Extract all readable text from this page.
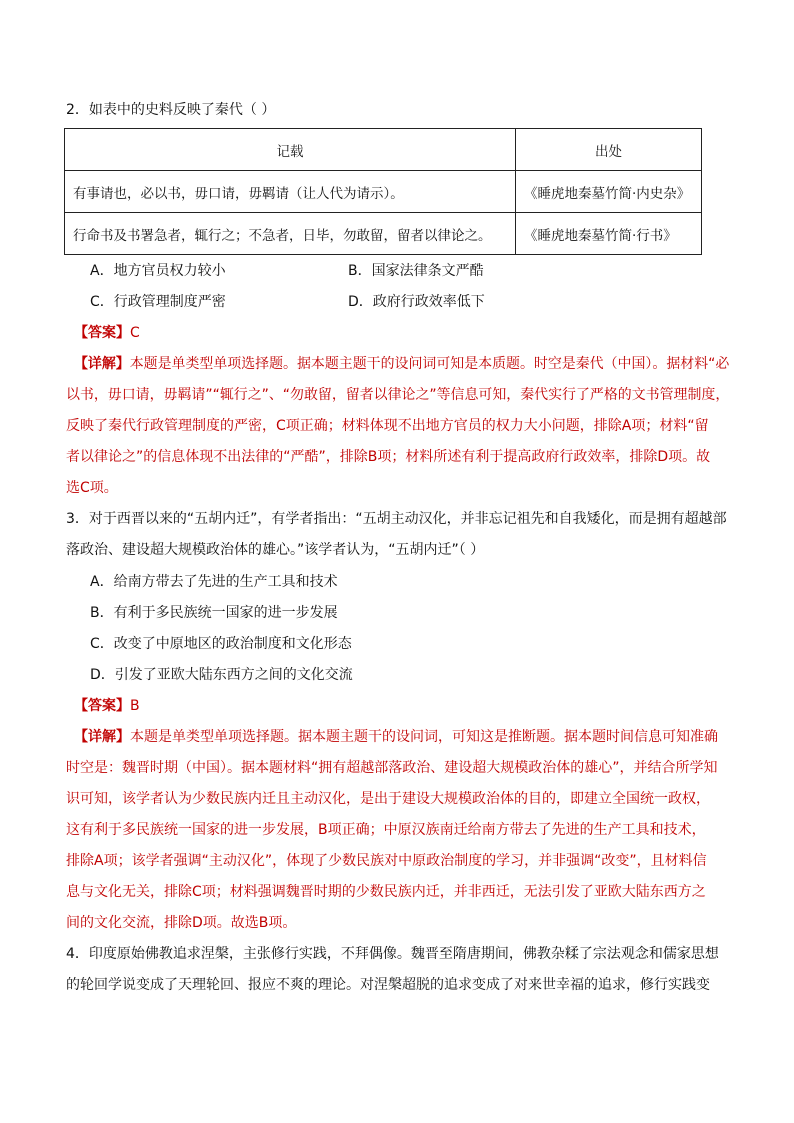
2．如表中的史料反映了秦代（ ）
记载	出处
有事请也，必以书，毋口请，毋羁请（让人代为请示）。	《睡虎地秦墓竹简·内史杂》
行命书及书署急者，辄行之；不急者，日毕，勿敢留，留者以律论之。	《睡虎地秦墓竹简·行书》
A．地方官员权力较小	B．国家法律条文严酷
C．行政管理制度严密	D．政府行政效率低下
【答案】C
【详解】本题是单类型单项选择题。据本题主题干的设问词可知是本质题。时空是秦代（中国）。据材料“必
以书，毋口请，毋羁请”“辄行之”、“勿敢留，留者以律论之”等信息可知，秦代实行了严格的文书管理制度，
反映了秦代行政管理制度的严密，C项正确；材料体现不出地方官员的权力大小问题，排除A项；材料“留
者以律论之”的信息体现不出法律的“严酷”，排除B项；材料所述有利于提高政府行政效率，排除D项。故
选C项。
3．对于西晋以来的“五胡内迁”，有学者指出：“五胡主动汉化，并非忘记祖先和自我矮化，而是拥有超越部
落政治、建设超大规模政治体的雄心。”该学者认为，“五胡内迁”（ ）
A．给南方带去了先进的生产工具和技术
B．有利于多民族统一国家的进一步发展
C．改变了中原地区的政治制度和文化形态
D．引发了亚欧大陆东西方之间的文化交流
【答案】B
【详解】本题是单类型单项选择题。据本题主题干的设问词，可知这是推断题。据本题时间信息可知准确
时空是：魏晋时期（中国）。据本题材料“拥有超越部落政治、建设超大规模政治体的雄心”，并结合所学知
识可知，该学者认为少数民族内迁且主动汉化，是出于建设大规模政治体的目的，即建立全国统一政权，
这有利于多民族统一国家的进一步发展，B项正确；中原汉族南迁给南方带去了先进的生产工具和技术，
排除A项；该学者强调“主动汉化”，体现了少数民族对中原政治制度的学习，并非强调“改变”，且材料信
息与文化无关，排除C项；材料强调魏晋时期的少数民族内迁，并非西迁，无法引发了亚欧大陆东西方之
间的文化交流，排除D项。故选B项。
4．印度原始佛教追求涅槃，主张修行实践，不拜偶像。魏晋至隋唐期间，佛教杂糅了宗法观念和儒家思想
的轮回学说变成了天理轮回、报应不爽的理论。对涅槃超脱的追求变成了对来世幸福的追求，修行实践变
